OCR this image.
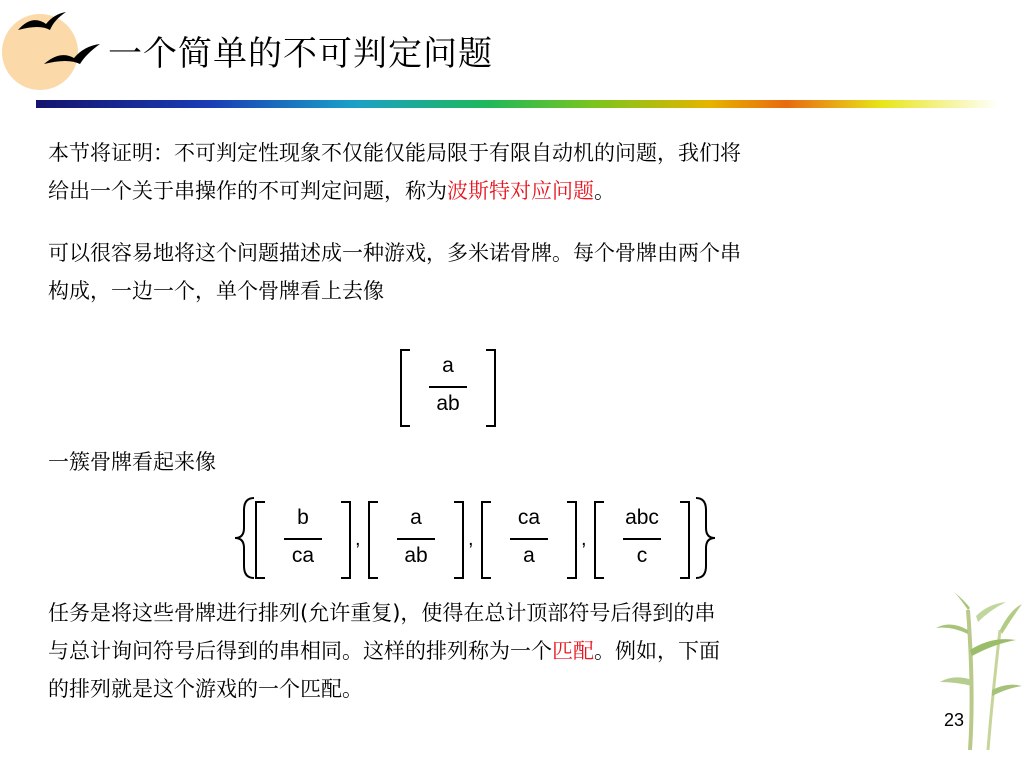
一个简单的不可判定问题

本节将证明：不可判定性现象不仅能仅能局限于有限自动机的问题，我们将
给出一个关于串操作的不可判定问题，称为波斯特对应问题。

可以很容易地将这个问题描述成一种游戏，多米诺骨牌。每个骨牌由两个串
构成，一边一个，单个骨牌看上去像

a
ab

一簇骨牌看起来像

b
ca
,
a
ab
,
ca
a
,
abc
c

任务是将这些骨牌进行排列(允许重复)，使得在总计顶部符号后得到的串
与总计询问符号后得到的串相同。这样的排列称为一个匹配。例如，下面
的排列就是这个游戏的一个匹配。

23
